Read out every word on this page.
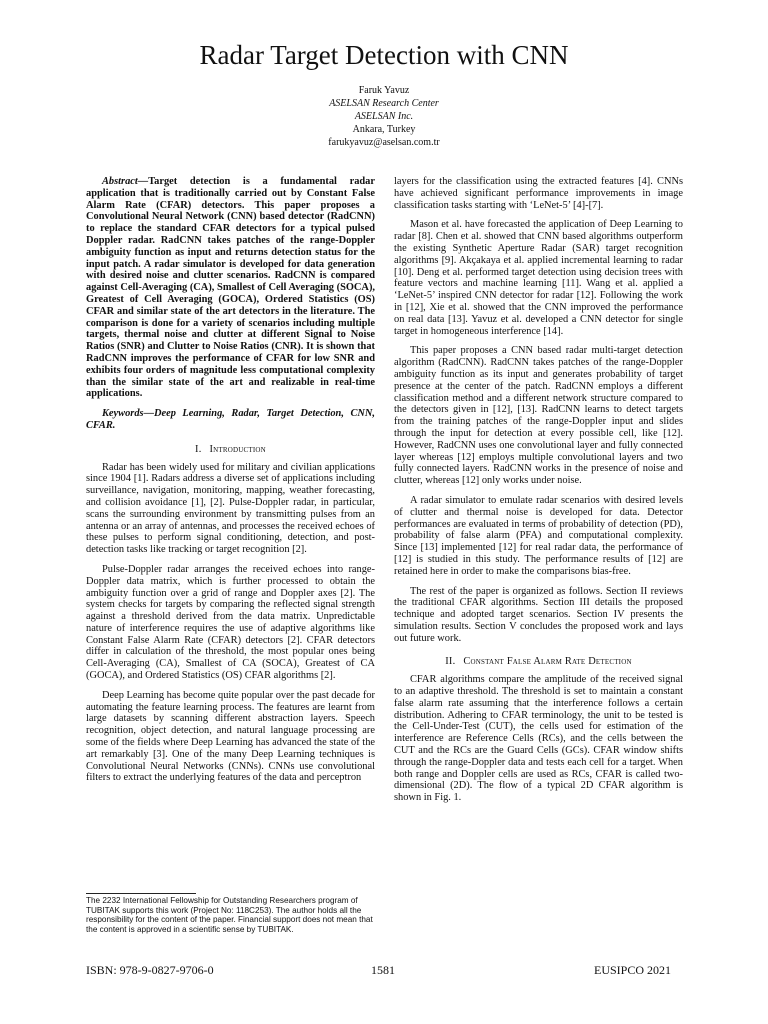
Radar Target Detection with CNN
Faruk Yavuz
ASELSAN Research Center
ASELSAN Inc.
Ankara, Turkey
farukyavuz@aselsan.com.tr

Abstract—Target detection is a fundamental radar application that is traditionally carried out by Constant False Alarm Rate (CFAR) detectors. This paper proposes a Convolutional Neural Network (CNN) based detector (RadCNN) to replace the standard CFAR detectors for a typical pulsed Doppler radar. RadCNN takes patches of the range-Doppler ambiguity function as input and returns detection status for the input patch. A radar simulator is developed for data generation with desired noise and clutter scenarios. RadCNN is compared against Cell-Averaging (CA), Smallest of Cell Averaging (SOCA), Greatest of Cell Averaging (GOCA), Ordered Statistics (OS) CFAR and similar state of the art detectors in the literature. The comparison is done for a variety of scenarios including multiple targets, thermal noise and clutter at different Signal to Noise Ratios (SNR) and Clutter to Noise Ratios (CNR). It is shown that RadCNN improves the performance of CFAR for low SNR and exhibits four orders of magnitude less computational complexity than the similar state of the art and realizable in real-time applications.

Keywords—Deep Learning, Radar, Target Detection, CNN, CFAR.

I. Introduction

Radar has been widely used for military and civilian applications since 1904 [1]. Radars address a diverse set of applications including surveillance, navigation, monitoring, mapping, weather forecasting, and collision avoidance [1], [2]. Pulse-Doppler radar, in particular, scans the surrounding environment by transmitting pulses from an antenna or an array of antennas, and processes the received echoes of these pulses to perform signal conditioning, detection, and post-detection tasks like tracking or target recognition [2].

Pulse-Doppler radar arranges the received echoes into range-Doppler data matrix, which is further processed to obtain the ambiguity function over a grid of range and Doppler axes [2]. The system checks for targets by comparing the reflected signal strength against a threshold derived from the data matrix. Unpredictable nature of interference requires the use of adaptive algorithms like Constant False Alarm Rate (CFAR) detectors [2]. CFAR detectors differ in calculation of the threshold, the most popular ones being Cell-Averaging (CA), Smallest of CA (SOCA), Greatest of CA (GOCA), and Ordered Statistics (OS) CFAR algorithms [2].

Deep Learning has become quite popular over the past decade for automating the feature learning process. The features are learnt from large datasets by scanning different abstraction layers. Speech recognition, object detection, and natural language processing are some of the fields where Deep Learning has advanced the state of the art remarkably [3]. One of the many Deep Learning techniques is Convolutional Neural Networks (CNNs). CNNs use convolutional filters to extract the underlying features of the data and perceptron

The 2232 International Fellowship for Outstanding Researchers program of TUBITAK supports this work (Project No: 118C253). The author holds all the responsibility for the content of the paper. Financial support does not mean that the content is approved in a scientific sense by TUBITAK.

layers for the classification using the extracted features [4]. CNNs have achieved significant performance improvements in image classification tasks starting with ‘LeNet-5’ [4]-[7].

Mason et al. have forecasted the application of Deep Learning to radar [8]. Chen et al. showed that CNN based algorithms outperform the existing Synthetic Aperture Radar (SAR) target recognition algorithms [9]. Akçakaya et al. applied incremental learning to radar [10]. Deng et al. performed target detection using decision trees with feature vectors and machine learning [11]. Wang et al. applied a ‘LeNet-5’ inspired CNN detector for radar [12]. Following the work in [12], Xie et al. showed that the CNN improved the performance on real data [13]. Yavuz et al. developed a CNN detector for single target in homogeneous interference [14].

This paper proposes a CNN based radar multi-target detection algorithm (RadCNN). RadCNN takes patches of the range-Doppler ambiguity function as its input and generates probability of target presence at the center of the patch. RadCNN employs a different classification method and a different network structure compared to the detectors given in [12], [13]. RadCNN learns to detect targets from the training patches of the range-Doppler input and slides through the input for detection at every possible cell, like [12]. However, RadCNN uses one convolutional layer and fully connected layer whereas [12] employs multiple convolutional layers and two fully connected layers. RadCNN works in the presence of noise and clutter, whereas [12] only works under noise.

A radar simulator to emulate radar scenarios with desired levels of clutter and thermal noise is developed for data. Detector performances are evaluated in terms of probability of detection (PD), probability of false alarm (PFA) and computational complexity. Since [13] implemented [12] for real radar data, the performance of [12] is studied in this study. The performance results of [12] are retained here in order to make the comparisons bias-free.

The rest of the paper is organized as follows. Section II reviews the traditional CFAR algorithms. Section III details the proposed technique and adopted target scenarios. Section IV presents the simulation results. Section V concludes the proposed work and lays out future work.

II. Constant False Alarm Rate Detection

CFAR algorithms compare the amplitude of the received signal to an adaptive threshold. The threshold is set to maintain a constant false alarm rate assuming that the interference follows a certain distribution. Adhering to CFAR terminology, the unit to be tested is the Cell-Under-Test (CUT), the cells used for estimation of the interference are Reference Cells (RCs), and the cells between the CUT and the RCs are the Guard Cells (GCs). CFAR window shifts through the range-Doppler data and tests each cell for a target. When both range and Doppler cells are used as RCs, CFAR is called two-dimensional (2D). The flow of a typical 2D CFAR algorithm is shown in Fig. 1.

ISBN: 978-9-0827-9706-0	1581	EUSIPCO 2021
